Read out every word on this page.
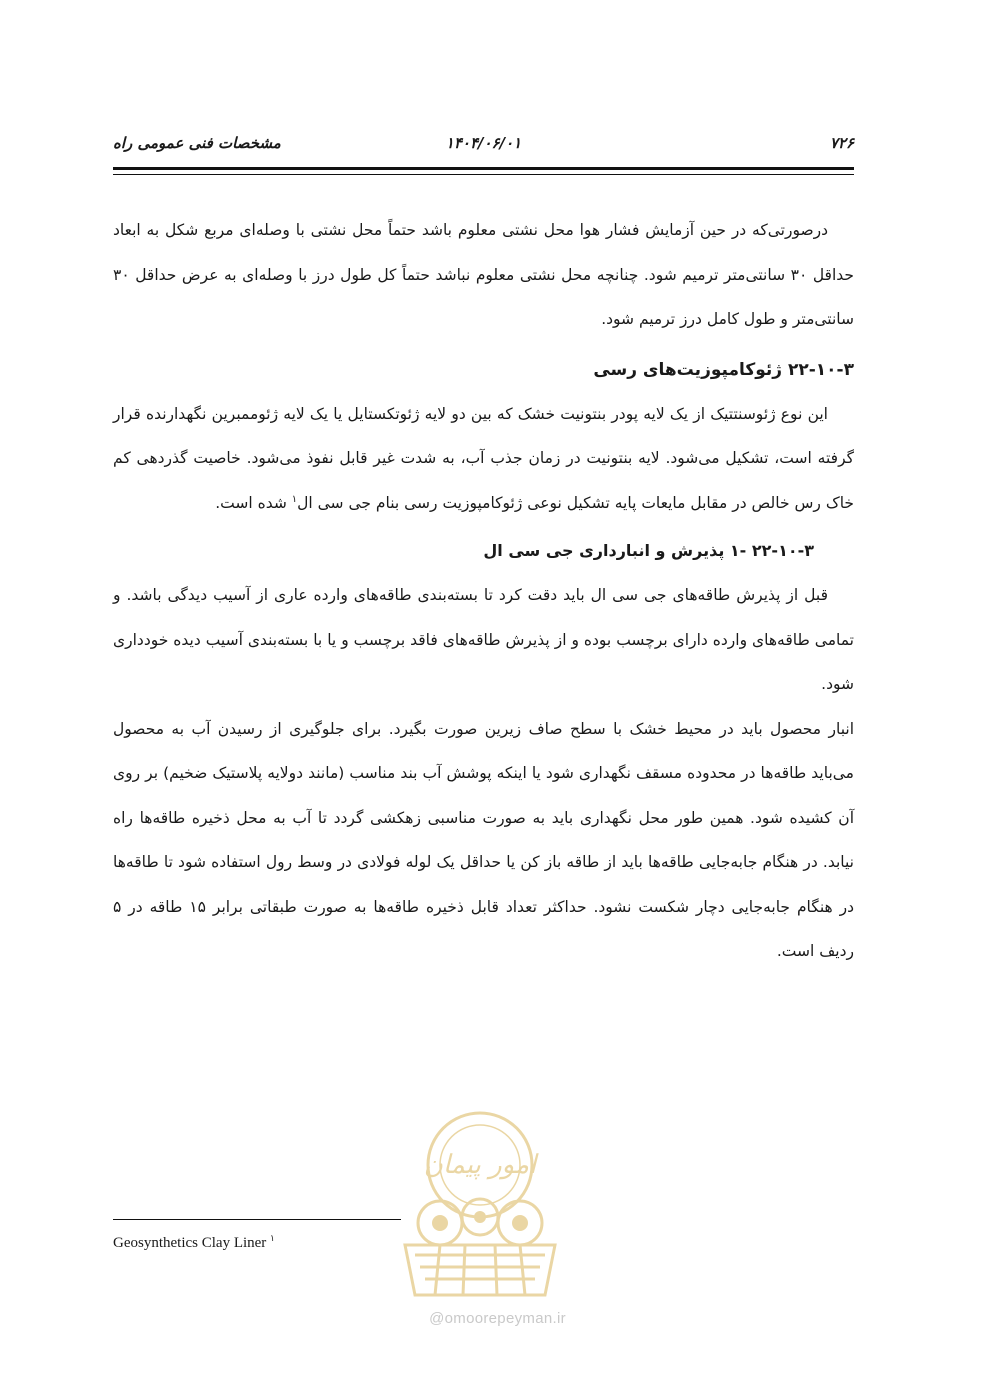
۷۲۶
۱۴۰۴/۰۶/۰۱
مشخصات فنی عمومی راه

درصورتی‌که در حین آزمایش فشار هوا محل نشتی معلوم باشد حتماً محل نشتی با وصله‌ای مربع شکل به ابعاد حداقل ۳۰ سانتی‌متر ترمیم شود. چنانچه محل نشتی معلوم نباشد حتماً کل طول درز با وصله‌ای به عرض حداقل ۳۰ سانتی‌متر و طول کامل درز ترمیم شود.

۲۲-۱۰-۳ ژئوکامپوزیت‌های رسی

این نوع ژئوسنتتیک از یک لایه پودر بنتونیت خشک که بین دو لایه ژئوتکستایل یا یک لایه ژئوممبرین نگهدارنده قرار گرفته است، تشکیل می‌شود. لایه بنتونیت در زمان جذب آب، به شدت غیر قابل نفوذ می‌شود. خاصیت گذردهی کم خاک رس خالص در مقابل مایعات پایه تشکیل نوعی ژئوکامپوزیت رسی بنام جی سی ال$^۱$ شده است.

۲۲-۱۰-۳ -۱ پذیرش و انبارداری جی سی ال

قبل از پذیرش طاقه‌های جی سی ال باید دقت کرد تا بسته‌بندی طاقه‌های وارده عاری از آسیب دیدگی باشد. و تمامی طاقه‌های وارده دارای برچسب بوده و از پذیرش طاقه‌های فاقد برچسب و یا با بسته‌بندی آسیب دیده خودداری شود.

انبار محصول باید در محیط خشک با سطح صاف زیرین صورت بگیرد. برای جلوگیری از رسیدن آب به محصول می‌باید طاقه‌ها در محدوده مسقف نگهداری شود یا اینکه پوشش آب بند مناسب (مانند دولایه پلاستیک ضخیم) بر روی آن کشیده شود. همین طور محل نگهداری باید به صورت مناسبی زهکشی گردد تا آب به محل ذخیره طاقه‌ها راه نیابد. در هنگام جابه‌جایی طاقه‌ها باید از طاقه باز کن یا حداقل یک لوله فولادی در وسط رول استفاده شود تا طاقه‌ها در هنگام جابه‌جایی دچار شکست نشود. حداکثر تعداد قابل ذخیره طاقه‌ها به صورت طبقاتی برابر ۱۵ طاقه در ۵ ردیف است.

امور پیمان
@omoorepeyman.ir
Geosynthetics Clay Liner $^۱$
